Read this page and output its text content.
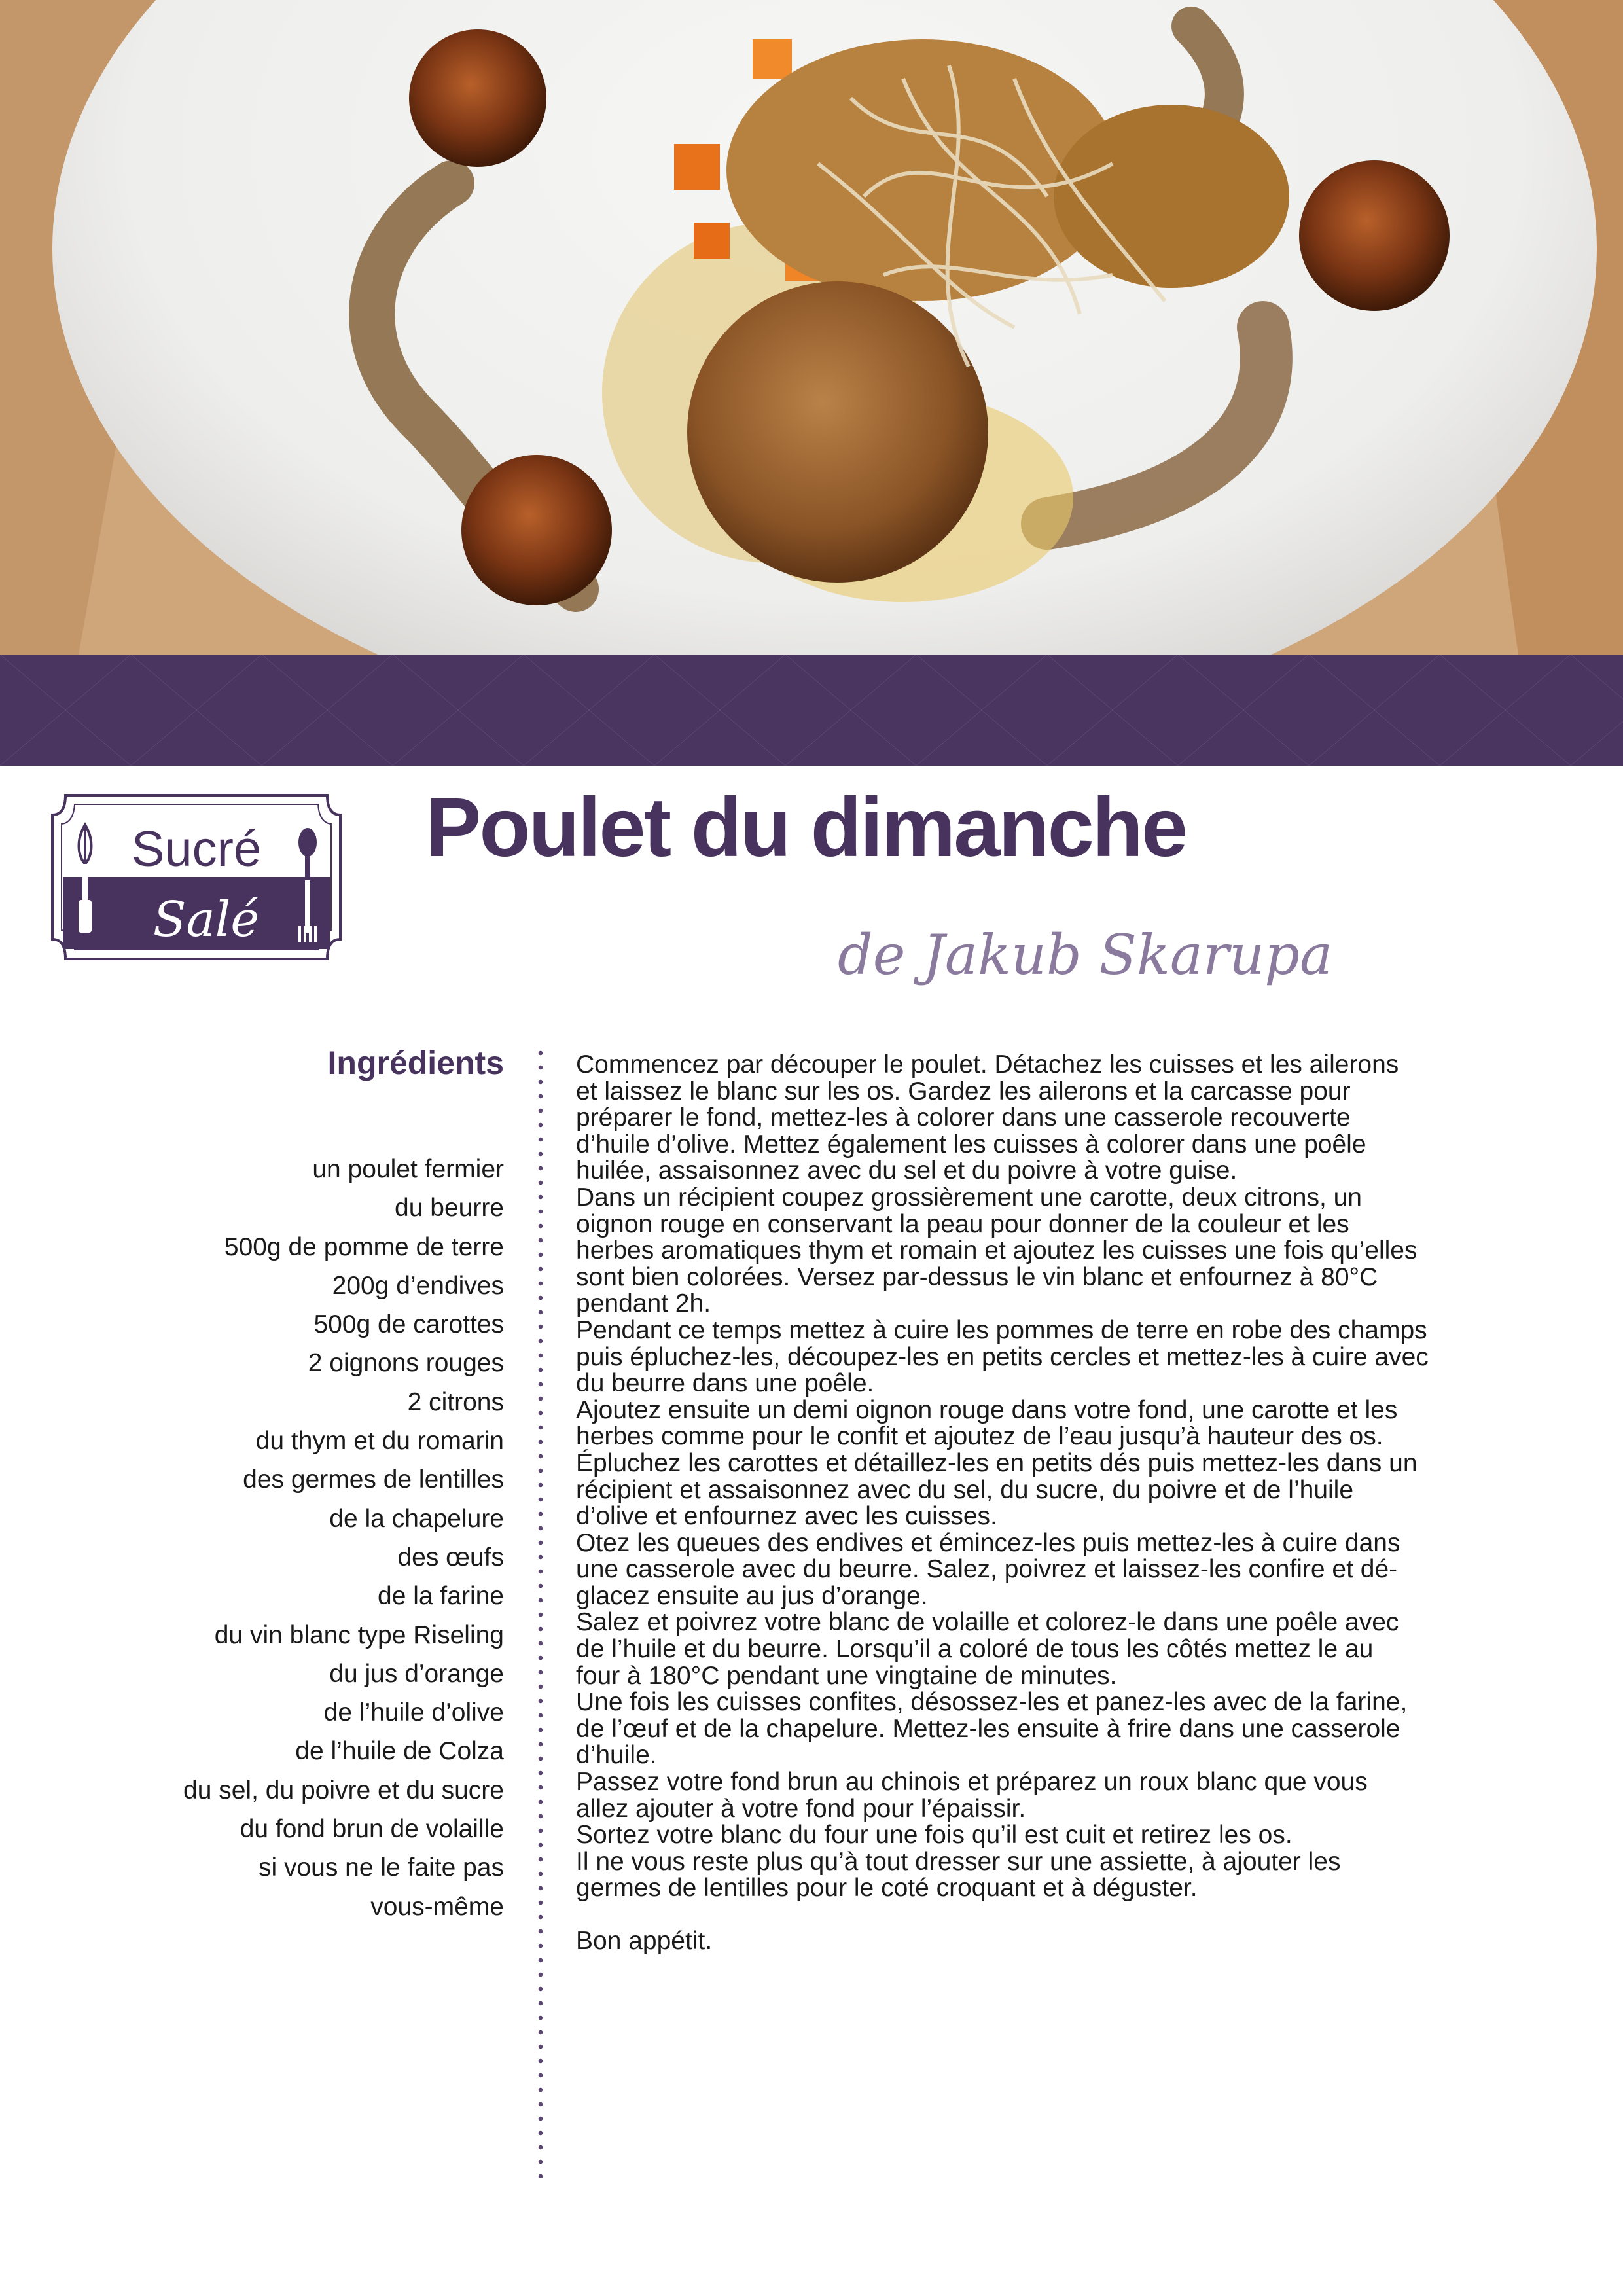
Sucré
Salé
Poulet du dimanche
de Jakub Skarupa
Ingrédients
un poulet fermier
du beurre
500g de pomme de terre
200g d’endives
500g de carottes
2 oignons rouges
2 citrons
du thym et du romarin
des germes de lentilles
de la chapelure
des œufs
de la farine
du vin blanc type Riseling
du jus d’orange
de l’huile d’olive
de l’huile de Colza
du sel, du poivre et du sucre
du fond brun de volaille
si vous ne le faite pas
vous-même

Commencez par découper le poulet. Détachez les cuisses et les ailerons
et laissez le blanc sur les os. Gardez les ailerons et la carcasse pour
préparer le fond, mettez-les à colorer dans une casserole recouverte
d’huile d’olive. Mettez également les cuisses à colorer dans une poêle
huilée, assaisonnez avec du sel et du poivre à votre guise.
Dans un récipient coupez grossièrement une carotte, deux citrons, un
oignon rouge en conservant la peau pour donner de la couleur et les
herbes aromatiques thym et romain et ajoutez les cuisses une fois qu’elles
sont bien colorées. Versez par-dessus le vin blanc et enfournez à 80°C
pendant 2h.
Pendant ce temps mettez à cuire les pommes de terre en robe des champs
puis épluchez-les, découpez-les en petits cercles et mettez-les à cuire avec
du beurre dans une poêle.
Ajoutez ensuite un demi oignon rouge dans votre fond, une carotte et les
herbes comme pour le confit et ajoutez de l’eau jusqu’à hauteur des os.
Épluchez les carottes et détaillez-les en petits dés puis mettez-les dans un
récipient et assaisonnez avec du sel, du sucre, du poivre et de l’huile
d’olive et enfournez avec les cuisses.
Otez les queues des endives et émincez-les puis mettez-les à cuire dans
une casserole avec du beurre. Salez, poivrez et laissez-les confire et dé-
glacez ensuite au jus d’orange.
Salez et poivrez votre blanc de volaille et colorez-le dans une poêle avec
de l’huile et du beurre. Lorsqu’il a coloré de tous les côtés mettez le au
four à 180°C pendant une vingtaine de minutes.
Une fois les cuisses confites, désossez-les et panez-les avec de la farine,
de l’œuf et de la chapelure. Mettez-les ensuite à frire dans une casserole
d’huile.
Passez votre fond brun au chinois et préparez un roux blanc que vous
allez ajouter à votre fond pour l’épaissir.
Sortez votre blanc du four une fois qu’il est cuit et retirez les os.
Il ne vous reste plus qu’à tout dresser sur une assiette, à ajouter les
germes de lentilles pour le coté croquant et à déguster.

Bon appétit.
